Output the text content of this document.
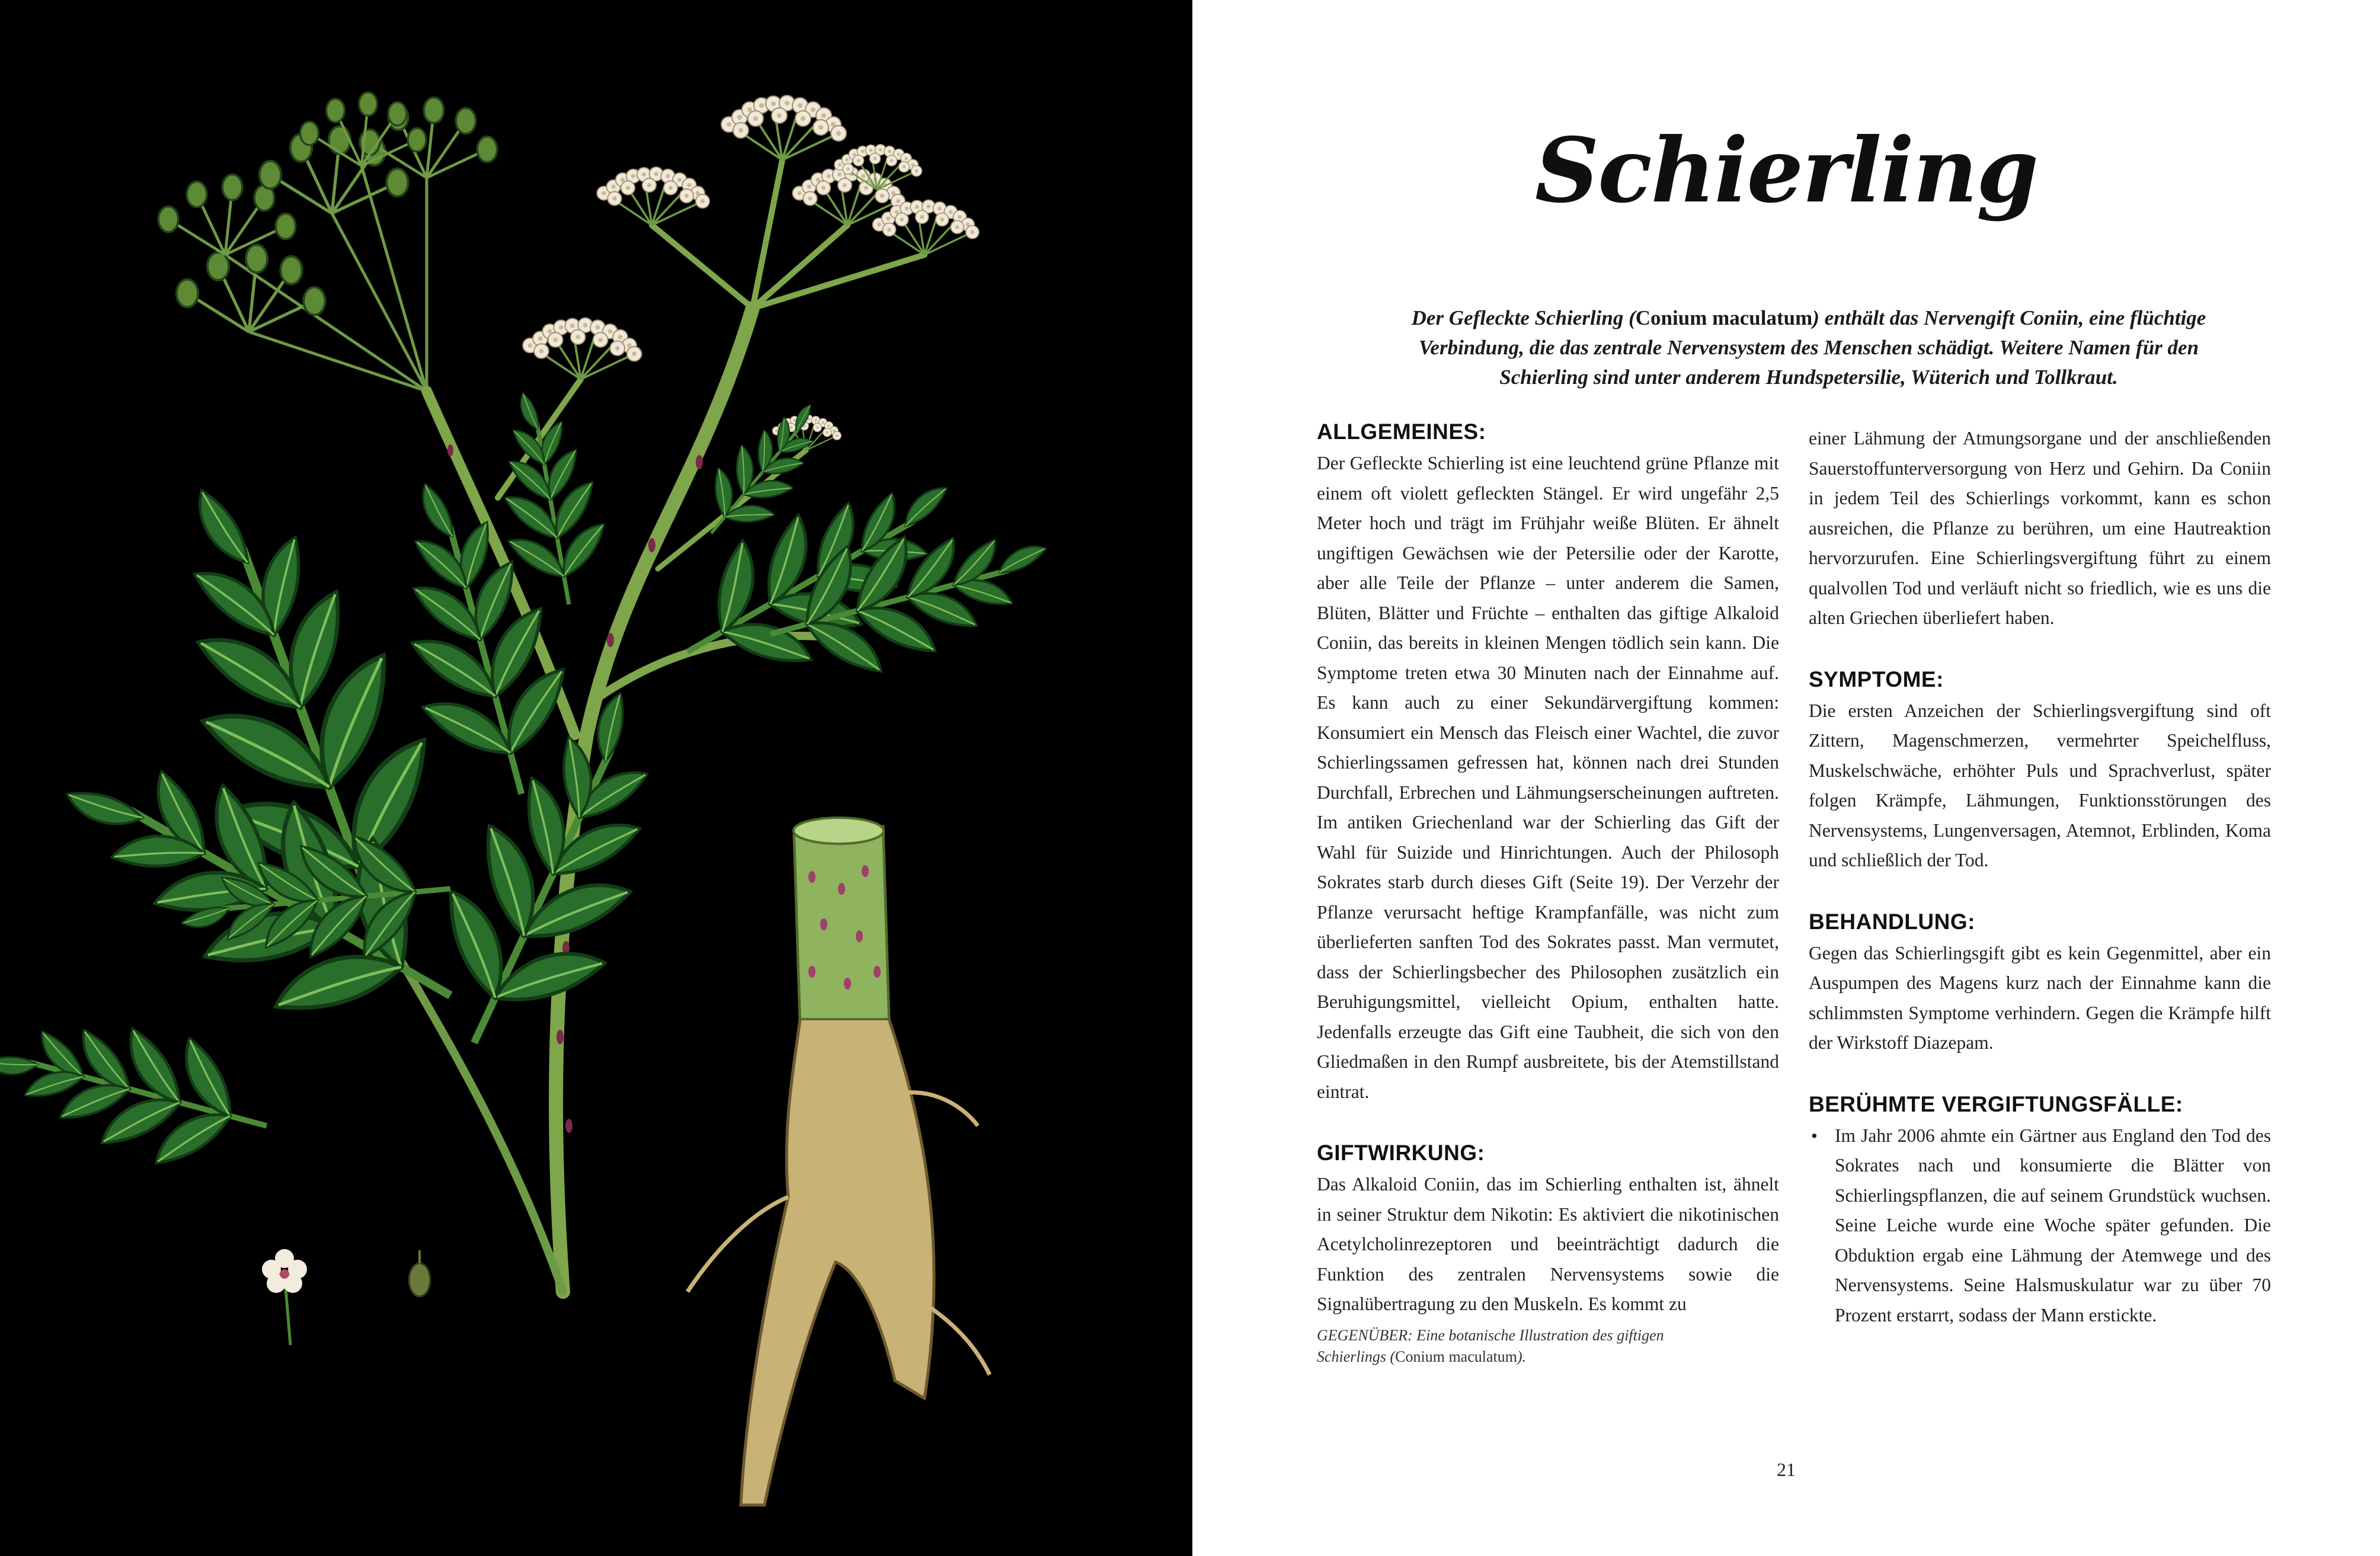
Schierling

Der Gefleckte Schierling (Conium maculatum) enthält das Nervengift Coniin, eine flüchtige Verbindung, die das zentrale Nervensystem des Menschen schädigt. Weitere Namen für den Schierling sind unter anderem Hundspetersilie, Wüterich und Tollkraut.

ALLGEMEINES:

Der Gefleckte Schierling ist eine leuchtend grüne Pflanze mit einem oft violett gefleckten Stängel. Er wird ungefähr 2,5 Meter hoch und trägt im Frühjahr weiße Blüten. Er ähnelt ungiftigen Gewächsen wie der Petersilie oder der Karotte, aber alle Teile der Pflanze – unter anderem die Samen, Blüten, Blätter und Früchte – enthalten das giftige Alkaloid Coniin, das bereits in kleinen Mengen tödlich sein kann. Die Symptome treten etwa 30 Minuten nach der Einnahme auf. Es kann auch zu einer Sekundärvergiftung kommen: Konsumiert ein Mensch das Fleisch einer Wachtel, die zuvor Schierlingssamen gefressen hat, können nach drei Stunden Durchfall, Erbrechen und Lähmungserscheinungen auftreten. Im antiken Griechenland war der Schierling das Gift der Wahl für Suizide und Hinrichtungen. Auch der Philosoph Sokrates starb durch dieses Gift (Seite 19). Der Verzehr der Pflanze verursacht heftige Krampfanfälle, was nicht zum überlieferten sanften Tod des Sokrates passt. Man vermutet, dass der Schierlingsbecher des Philosophen zusätzlich ein Beruhigungsmittel, vielleicht Opium, enthalten hatte. Jedenfalls erzeugte das Gift eine Taubheit, die sich von den Gliedmaßen in den Rumpf ausbreitete, bis der Atemstillstand eintrat.

GIFTWIRKUNG:

Das Alkaloid Coniin, das im Schierling enthalten ist, ähnelt in seiner Struktur dem Nikotin: Es aktiviert die nikotinischen Acetylcholinrezeptoren und beeinträchtigt dadurch die Funktion des zentralen Nervensystems sowie die Signalübertragung zu den Muskeln. Es kommt zu

einer Lähmung der Atmungsorgane und der anschließenden Sauerstoffunterversorgung von Herz und Gehirn. Da Coniin in jedem Teil des Schierlings vorkommt, kann es schon ausreichen, die Pflanze zu berühren, um eine Hautreaktion hervorzurufen. Eine Schierlingsvergiftung führt zu einem qualvollen Tod und verläuft nicht so friedlich, wie es uns die alten Griechen überliefert haben.

SYMPTOME:

Die ersten Anzeichen der Schierlingsvergiftung sind oft Zittern, Magenschmerzen, vermehrter Speichelfluss, Muskelschwäche, erhöhter Puls und Sprachverlust, später folgen Krämpfe, Lähmungen, Funktionsstörungen des Nervensystems, Lungenversagen, Atemnot, Erblinden, Koma und schließlich der Tod.

BEHANDLUNG:

Gegen das Schierlingsgift gibt es kein Gegenmittel, aber ein Auspumpen des Magens kurz nach der Einnahme kann die schlimmsten Symptome verhindern. Gegen die Krämpfe hilft der Wirkstoff Diazepam.

BERÜHMTE VERGIFTUNGSFÄLLE:
• Im Jahr 2006 ahmte ein Gärtner aus England den Tod des Sokrates nach und konsumierte die Blätter von Schierlingspflanzen, die auf seinem Grundstück wuchsen. Seine Leiche wurde eine Woche später gefunden. Die Obduktion ergab eine Lähmung der Atemwege und des Nervensystems. Seine Halsmuskulatur war zu über 70 Prozent erstarrt, sodass der Mann erstickte.

GEGENÜBER: Eine botanische Illustration des giftigen Schierlings (Conium maculatum).
21
